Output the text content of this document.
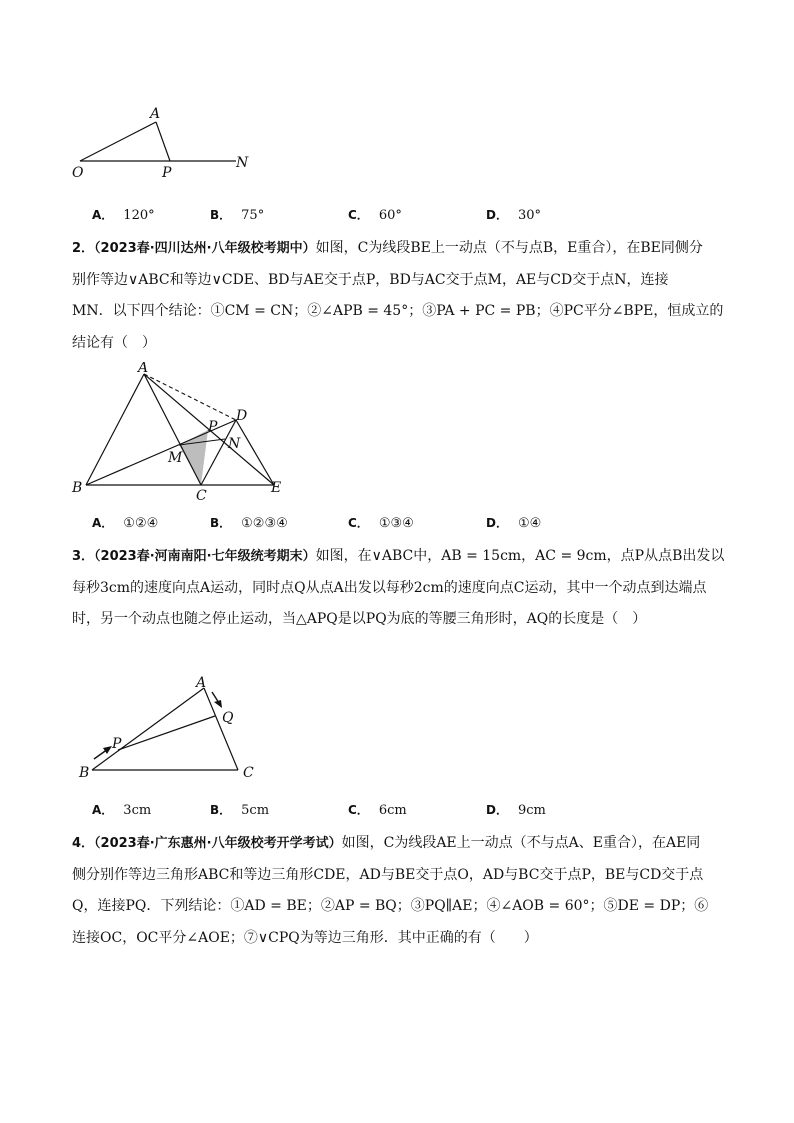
A
O	P
N
A． 120°	B． 75°	C． 60°	D． 30°

2．（2023春·四川达州·八年级校考期中）如图，C为线段BE上一动点（不与点B，E重合），在BE同侧分

别作等边∨ABC和等边∨CDE、BD与AE交于点P，BD与AC交于点M，AE与CD交于点N，连接

MN．以下四个结论：①CM = CN；②∠APB = 45°；③PA + PC = PB；④PC平分∠BPE，恒成立的

结论有（　）

A
B	C
D
E
M
N
P
A． ①②④	B． ①②③④	C． ①③④	D． ①④

3．（2023春·河南南阳·七年级统考期末）如图，在∨ABC中，AB = 15cm，AC = 9cm，点P从点B出发以

每秒3cm的速度向点A运动，同时点Q从点A出发以每秒2cm的速度向点C运动，其中一个动点到达端点

时，另一个动点也随之停止运动，当△APQ是以PQ为底的等腰三角形时，AQ的长度是（　）

A
B	C
P
Q
A． 3cm	B． 5cm	C． 6cm	D． 9cm

4．（2023春·广东惠州·八年级校考开学考试）如图，C为线段AE上一动点（不与点A、E重合），在AE同

侧分别作等边三角形ABC和等边三角形CDE，AD与BE交于点O，AD与BC交于点P，BE与CD交于点

Q，连接PQ．下列结论：①AD = BE；②AP = BQ；③PQ∥AE；④∠AOB = 60°；⑤DE = DP；⑥

连接OC，OC平分∠AOE；⑦∨CPQ为等边三角形．其中正确的有（　　）
